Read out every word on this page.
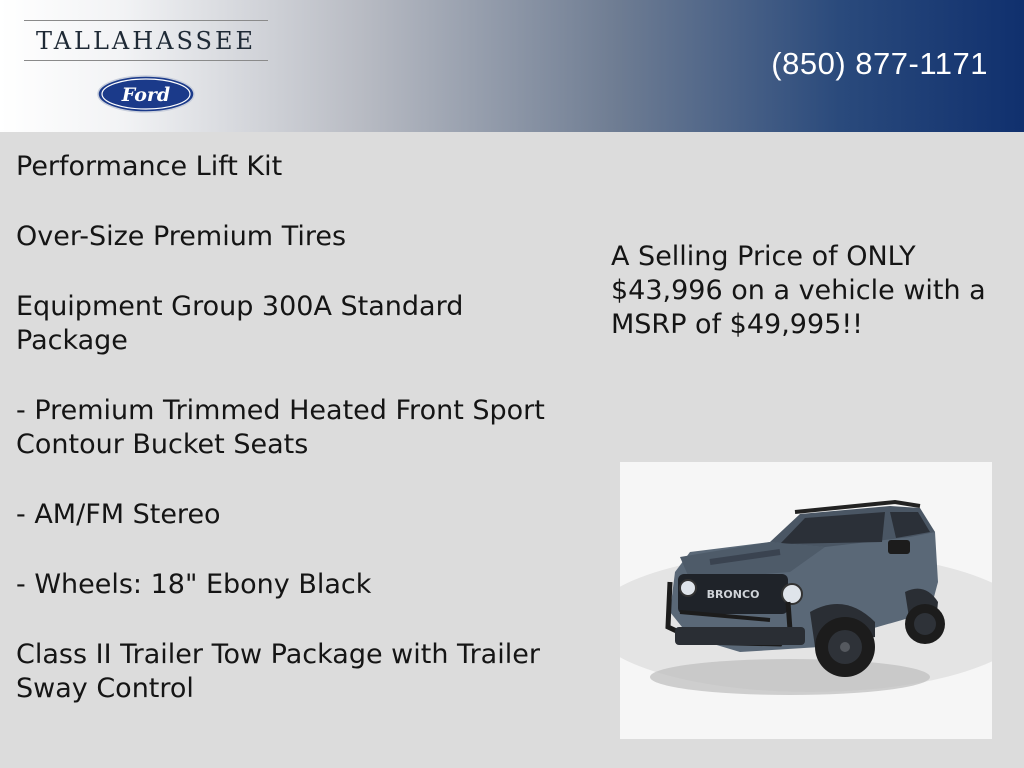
TALLAHASSEE
Ford
(850) 877-1171
Performance Lift Kit
Over-Size Premium Tires
Equipment Group 300A Standard Package
- Premium Trimmed Heated Front Sport Contour Bucket Seats
- AM/FM Stereo
- Wheels: 18" Ebony Black
Class II Trailer Tow Package with Trailer Sway Control
A Selling Price of ONLY $43,996 on a vehicle with a MSRP of $49,995!!
BRONCO
